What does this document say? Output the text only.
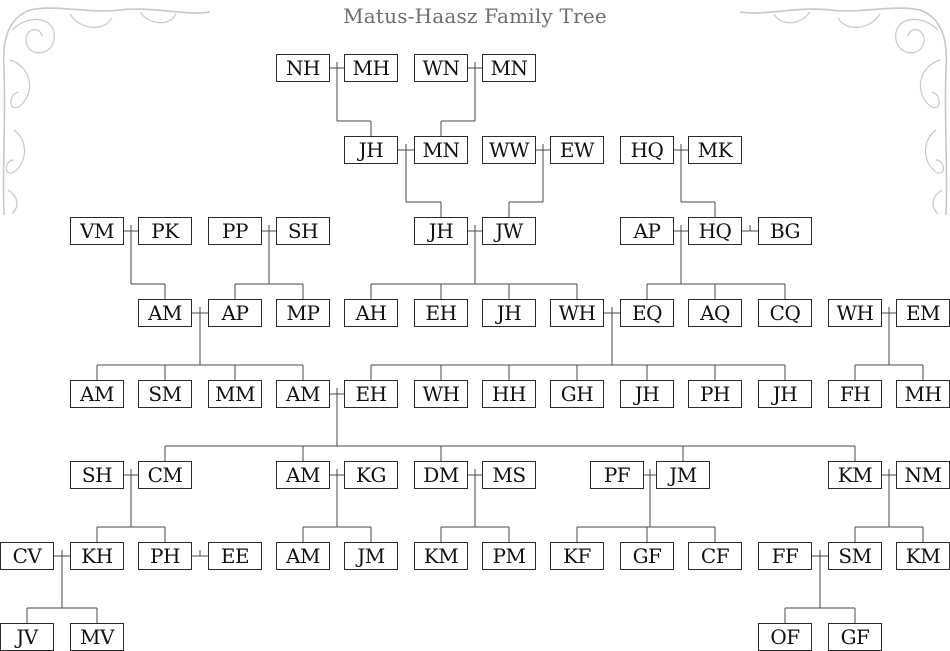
NH	MH	WN	MN
JH	MN	WW	EW	HQ	MK
VM	PK	PP	SH	JH	JW	AP	HQ	BG
AM	AP	MP	AH	EH	JH	WH	EQ	AQ	CQ	WH	EM
AM	SM	MM	AM	EH	WH	HH	GH	JH	PH	JH	FH	MH
SH	CM	AM	KG	DM	MS	PF	JM	KM	NM
CV	KH	PH	EE	AM	JM	KM	PM	KF	GF	CF	FF	SM	KM
JV	MV	OF	GF
Matus-Haasz Family Tree
